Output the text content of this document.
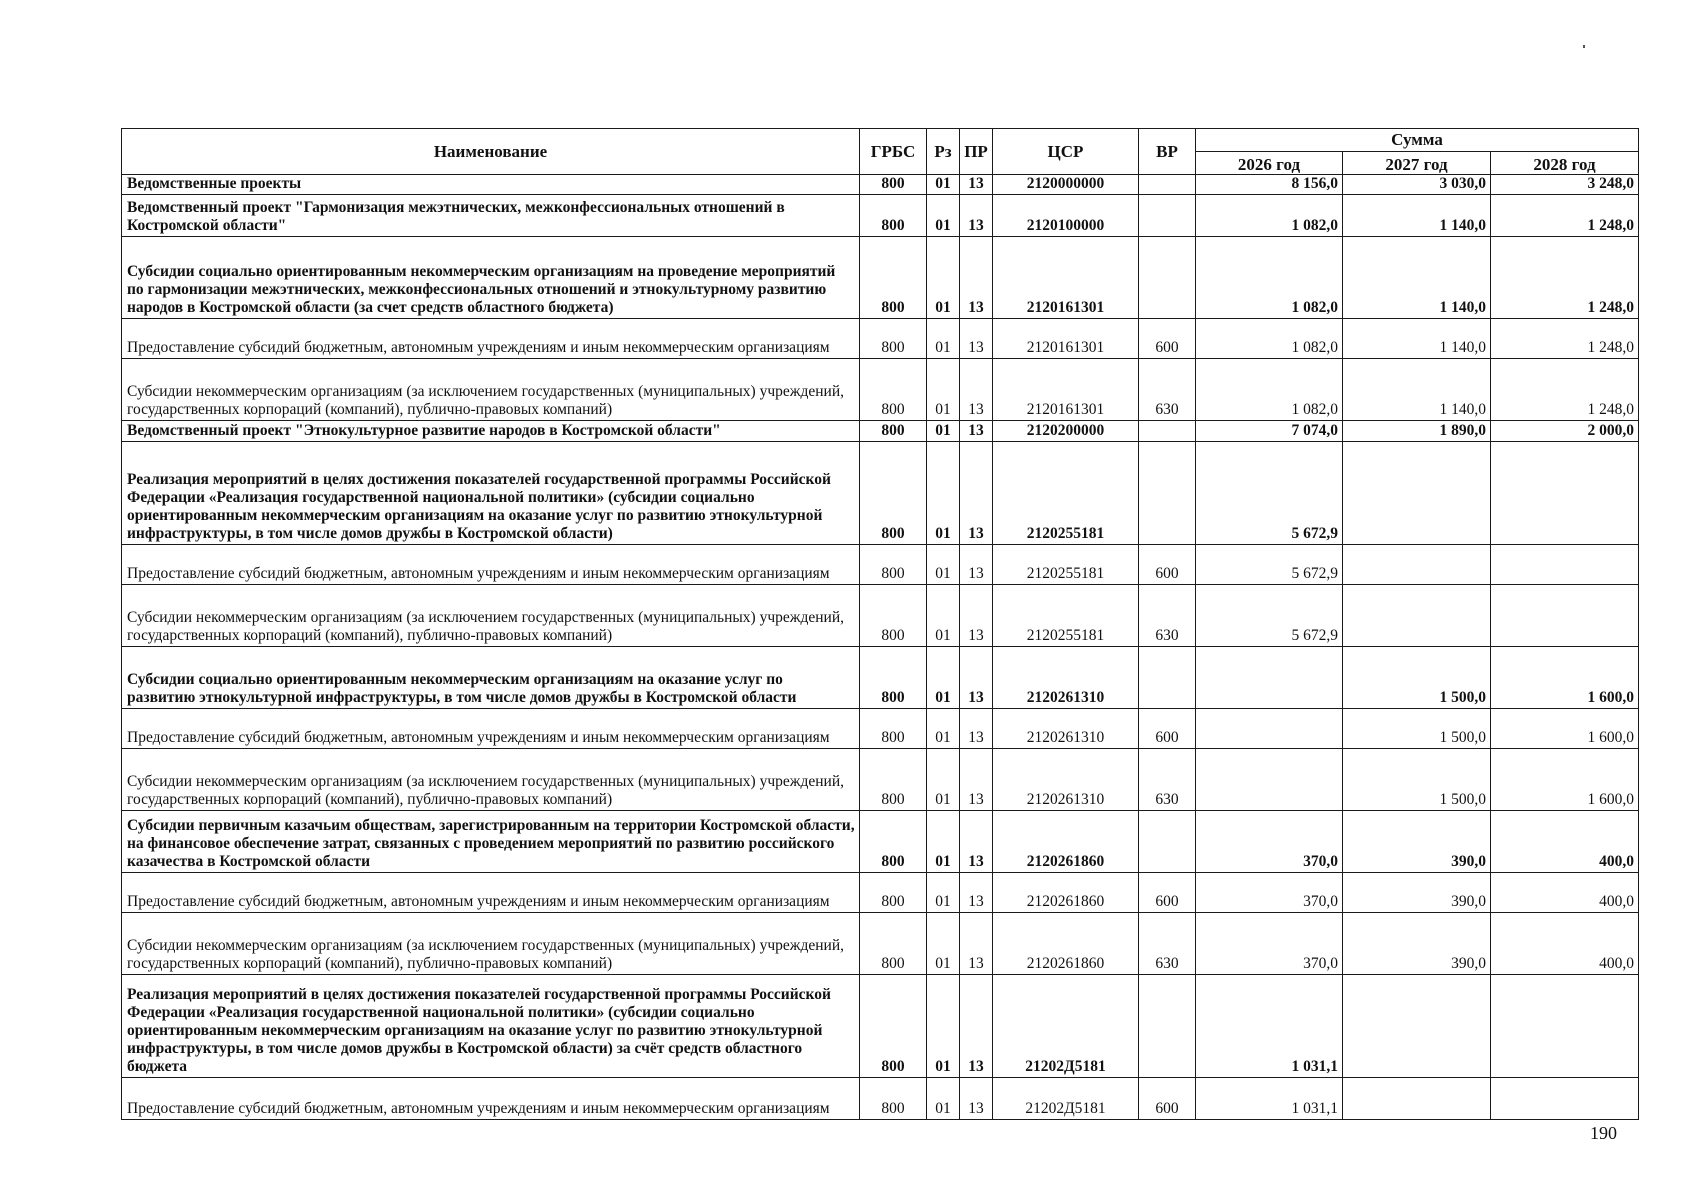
Наименование	ГРБС	Рз	ПР	ЦСР	ВР	Сумма		
						2026 год	2027 год	2028 год
Ведомственные проекты	800	01	13	2120000000		8 156,0	3 030,0	3 248,0
Ведомственный проект "Гармонизация межэтнических, межконфессиональных отношений в Костромской области"	800	01	13	2120100000		1 082,0	1 140,0	1 248,0
Субсидии социально ориентированным некоммерческим организациям на проведение мероприятий по гармонизации межэтнических, межконфессиональных отношений и этнокультурному развитию народов в Костромской области (за счет средств областного бюджета)	800	01	13	2120161301		1 082,0	1 140,0	1 248,0
Предоставление субсидий бюджетным, автономным учреждениям и иным некоммерческим организациям	800	01	13	2120161301	600	1 082,0	1 140,0	1 248,0
Субсидии некоммерческим организациям (за исключением государственных (муниципальных) учреждений, государственных корпораций (компаний), публично-правовых компаний)	800	01	13	2120161301	630	1 082,0	1 140,0	1 248,0
Ведомственный проект "Этнокультурное развитие народов в Костромской области"	800	01	13	2120200000		7 074,0	1 890,0	2 000,0
Реализация мероприятий в целях достижения показателей государственной программы Российской Федерации «Реализация государственной национальной политики» (субсидии социально ориентированным некоммерческим организациям на оказание услуг по развитию этнокультурной инфраструктуры, в том числе домов дружбы в Костромской области)	800	01	13	2120255181		5 672,9		
Предоставление субсидий бюджетным, автономным учреждениям и иным некоммерческим организациям	800	01	13	2120255181	600	5 672,9		
Субсидии некоммерческим организациям (за исключением государственных (муниципальных) учреждений, государственных корпораций (компаний), публично-правовых компаний)	800	01	13	2120255181	630	5 672,9		
Субсидии социально ориентированным некоммерческим организациям на оказание услуг по развитию этнокультурной инфраструктуры, в том числе домов дружбы в Костромской области	800	01	13	2120261310			1 500,0	1 600,0
Предоставление субсидий бюджетным, автономным учреждениям и иным некоммерческим организациям	800	01	13	2120261310	600		1 500,0	1 600,0
Субсидии некоммерческим организациям (за исключением государственных (муниципальных) учреждений, государственных корпораций (компаний), публично-правовых компаний)	800	01	13	2120261310	630		1 500,0	1 600,0
Субсидии первичным казачьим обществам, зарегистрированным на территории Костромской области, на финансовое обеспечение затрат, связанных с проведением мероприятий по развитию российского казачества в Костромской области	800	01	13	2120261860		370,0	390,0	400,0
Предоставление субсидий бюджетным, автономным учреждениям и иным некоммерческим организациям	800	01	13	2120261860	600	370,0	390,0	400,0
Субсидии некоммерческим организациям (за исключением государственных (муниципальных) учреждений, государственных корпораций (компаний), публично-правовых компаний)	800	01	13	2120261860	630	370,0	390,0	400,0
Реализация мероприятий в целях достижения показателей государственной программы Российской Федерации «Реализация государственной национальной политики» (субсидии социально ориентированным некоммерческим организациям на оказание услуг по развитию этнокультурной инфраструктуры, в том числе домов дружбы в Костромской области) за счёт средств областного бюджета	800	01	13	21202Д5181		1 031,1		
Предоставление субсидий бюджетным, автономным учреждениям и иным некоммерческим организациям	800	01	13	21202Д5181	600	1 031,1		
190
